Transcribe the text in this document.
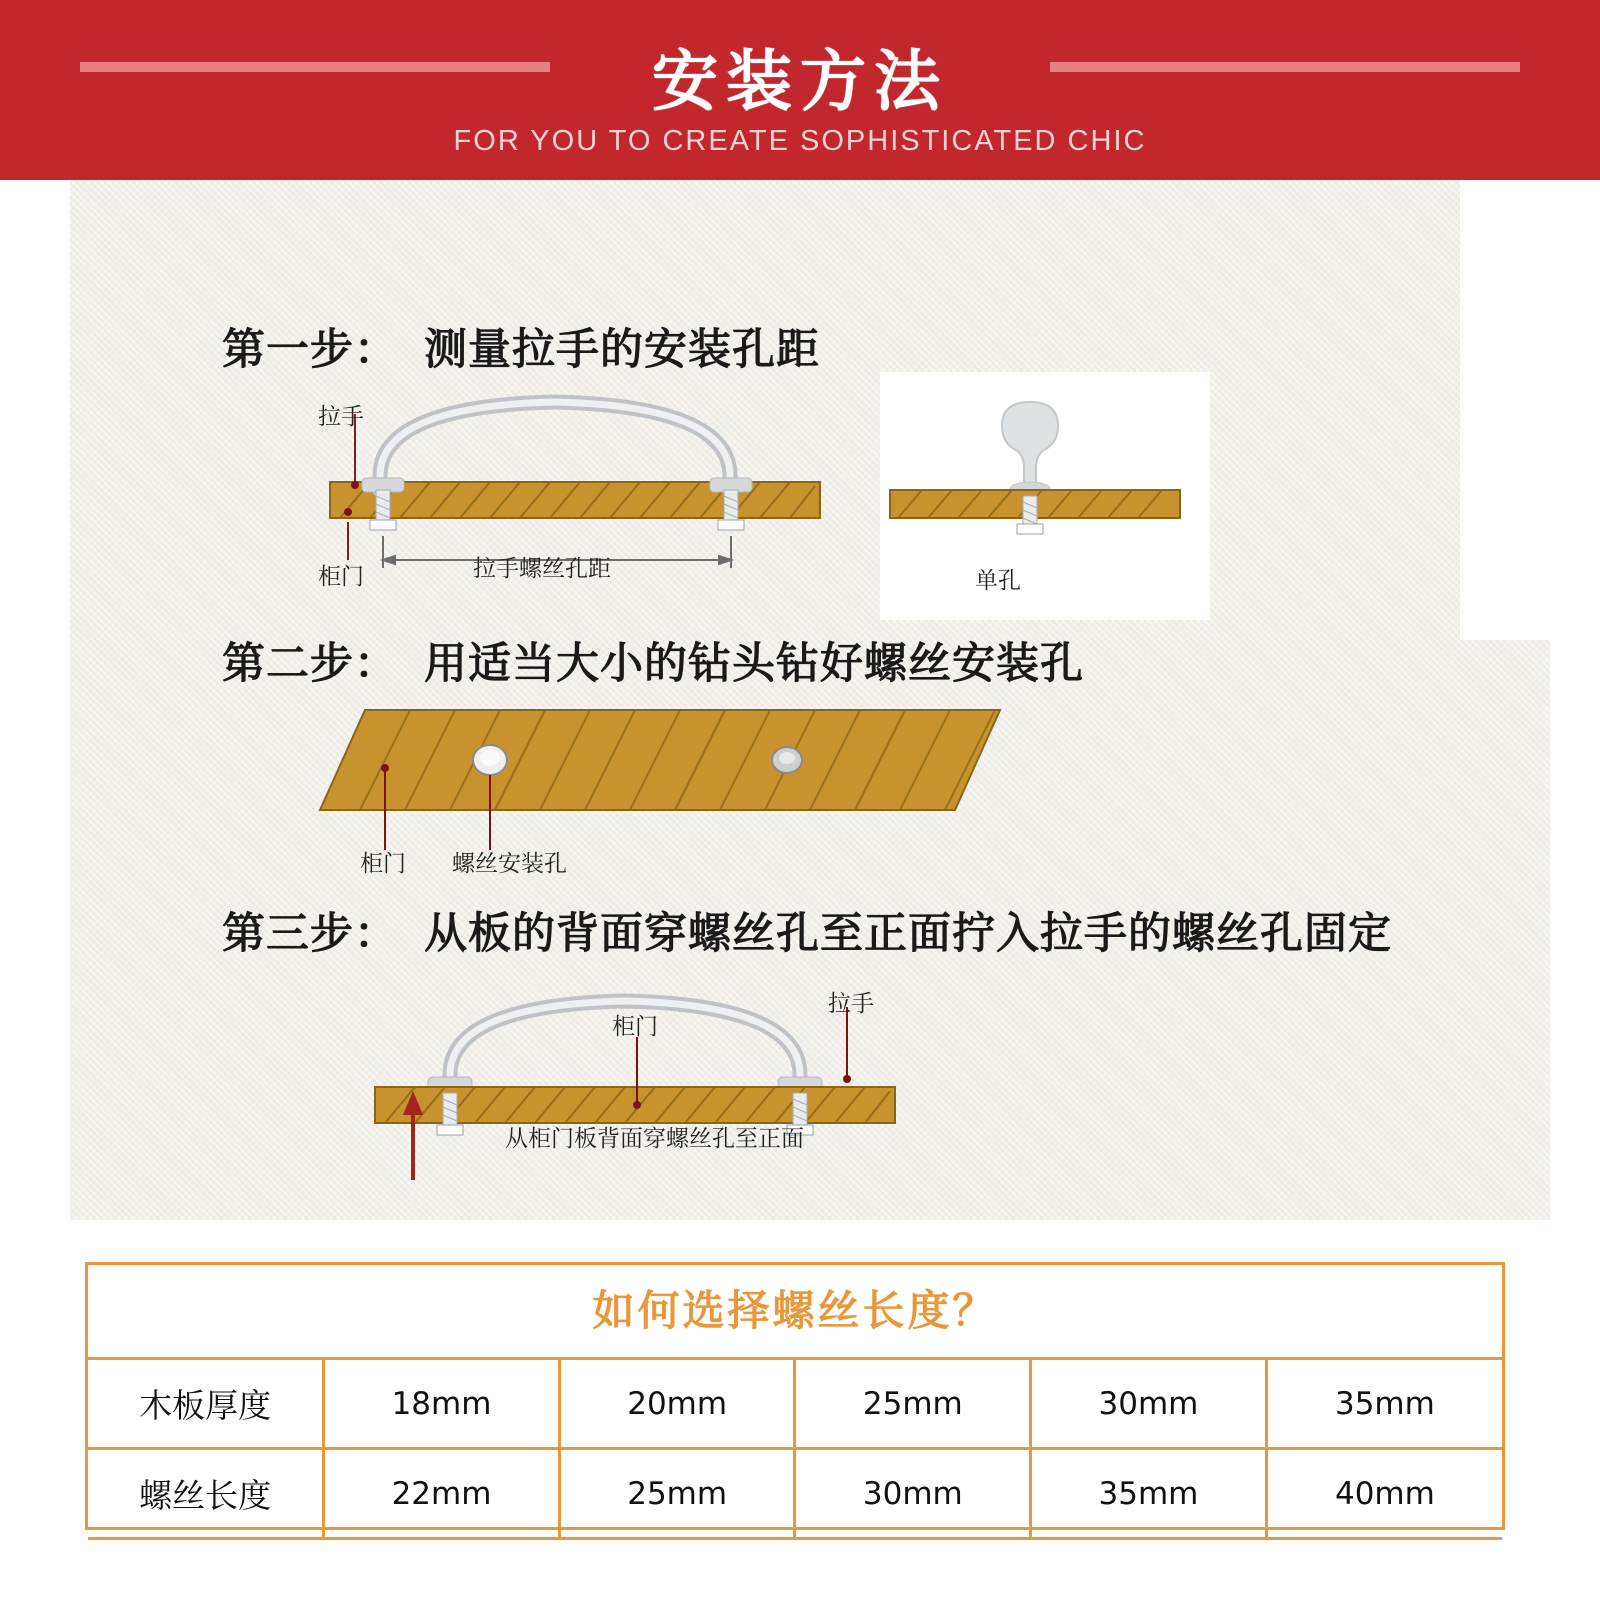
安装方法
FOR YOU TO CREATE SOPHISTICATED CHIC
第一步： 测量拉手的安装孔距
拉手
柜门	拉手螺丝孔距	单孔
第二步： 用适当大小的钻头钻好螺丝安装孔
柜门 螺丝安装孔
第三步： 从板的背面穿螺丝孔至正面拧入拉手的螺丝孔固定
柜门
拉手
从柜门板背面穿螺丝孔至正面
如何选择螺丝长度？
木板厚度	18mm	20mm	25mm	30mm	35mm
螺丝长度	22mm	25mm	30mm	35mm	40mm
